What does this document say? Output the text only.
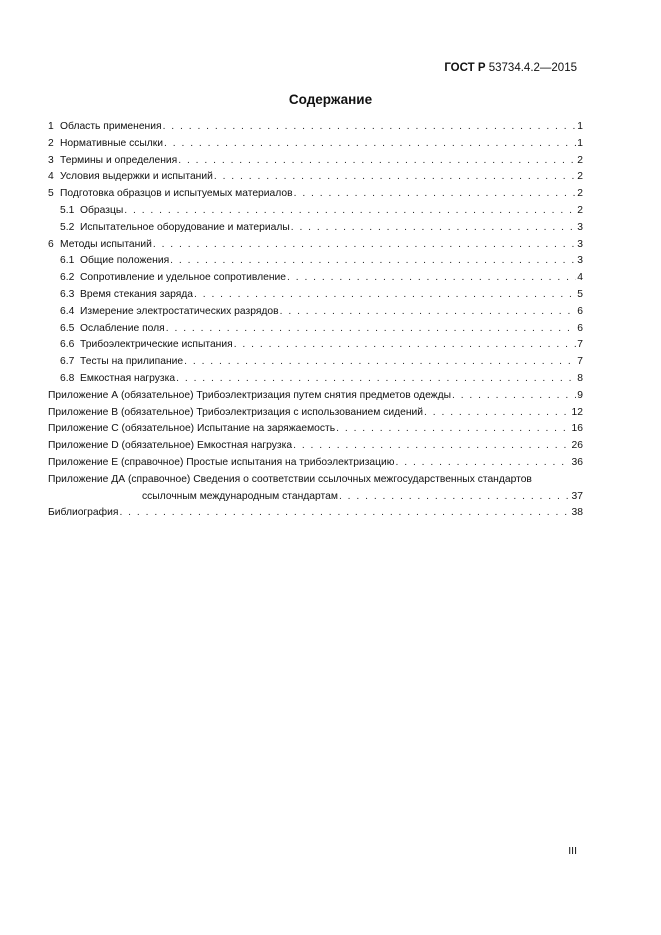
ГОСТ Р 53734.4.2—2015
Содержание
1 Область применения . . .	1
2 Нормативные ссылки . . .	1
3 Термины и определения . . .	2
4 Условия выдержки и испытаний . . .	2
5 Подготовка образцов и испытуемых материалов . . .	2
5.1 Образцы . . .	2
5.2 Испытательное оборудование и материалы . . .	3
6 Методы испытаний . . .	3
6.1 Общие положения . . .	3
6.2 Сопротивление и удельное сопротивление . . .	4
6.3 Время стекания заряда . . .	5
6.4 Измерение электростатических разрядов . . .	6
6.5 Ослабление поля . . .	6
6.6 Трибоэлектрические испытания . . .	7
6.7 Тесты на прилипание . . .	7
6.8 Емкостная нагрузка . . .	8
Приложение А (обязательное) Трибоэлектризация путем снятия предметов одежды . . .	9
Приложение В (обязательное) Трибоэлектризация с использованием сидений . . .	12
Приложение С (обязательное) Испытание на заряжаемость . . .	16
Приложение D (обязательное) Емкостная нагрузка . . .	26
Приложение Е (справочное) Простые испытания на трибоэлектризацию . . .	36
Приложение ДА (справочное) Сведения о соответствии ссылочных межгосударственных стандартов
ссылочным международным стандартам . . .	37
Библиография . . .	38
III
